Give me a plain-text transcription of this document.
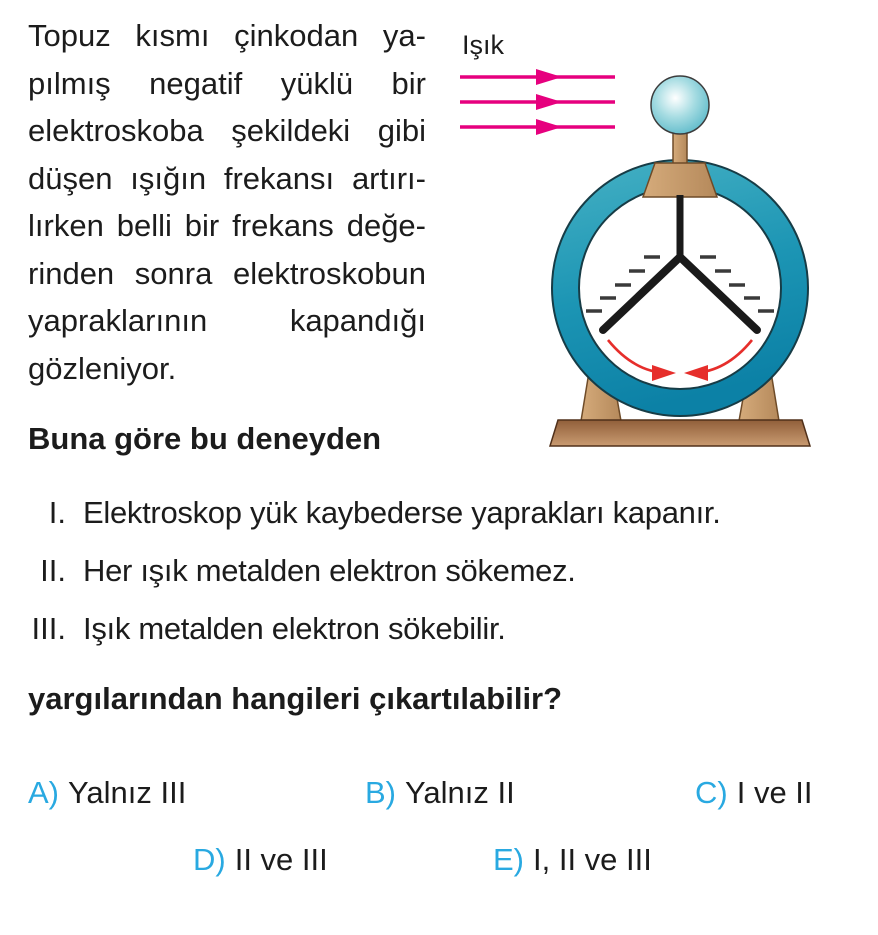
Topuz kısmı çinkodan ya-
pılmış negatif yüklü bir
elektroskoba şekildeki gibi
düşen ışığın frekansı artırı-
lırken belli bir frekans değe-
rinden sonra elektroskobun
yapraklarının kapandığı
gözleniyor.
Işık
Buna göre bu deneyden
I. Elektroskop yük kaybederse yaprakları kapanır.
II. Her ışık metalden elektron sökemez.
III. Işık metalden elektron sökebilir.
yargılarından hangileri çıkartılabilir?
A) Yalnız III	B) Yalnız II	C) I ve II
D) II ve III	E) I, II ve III
